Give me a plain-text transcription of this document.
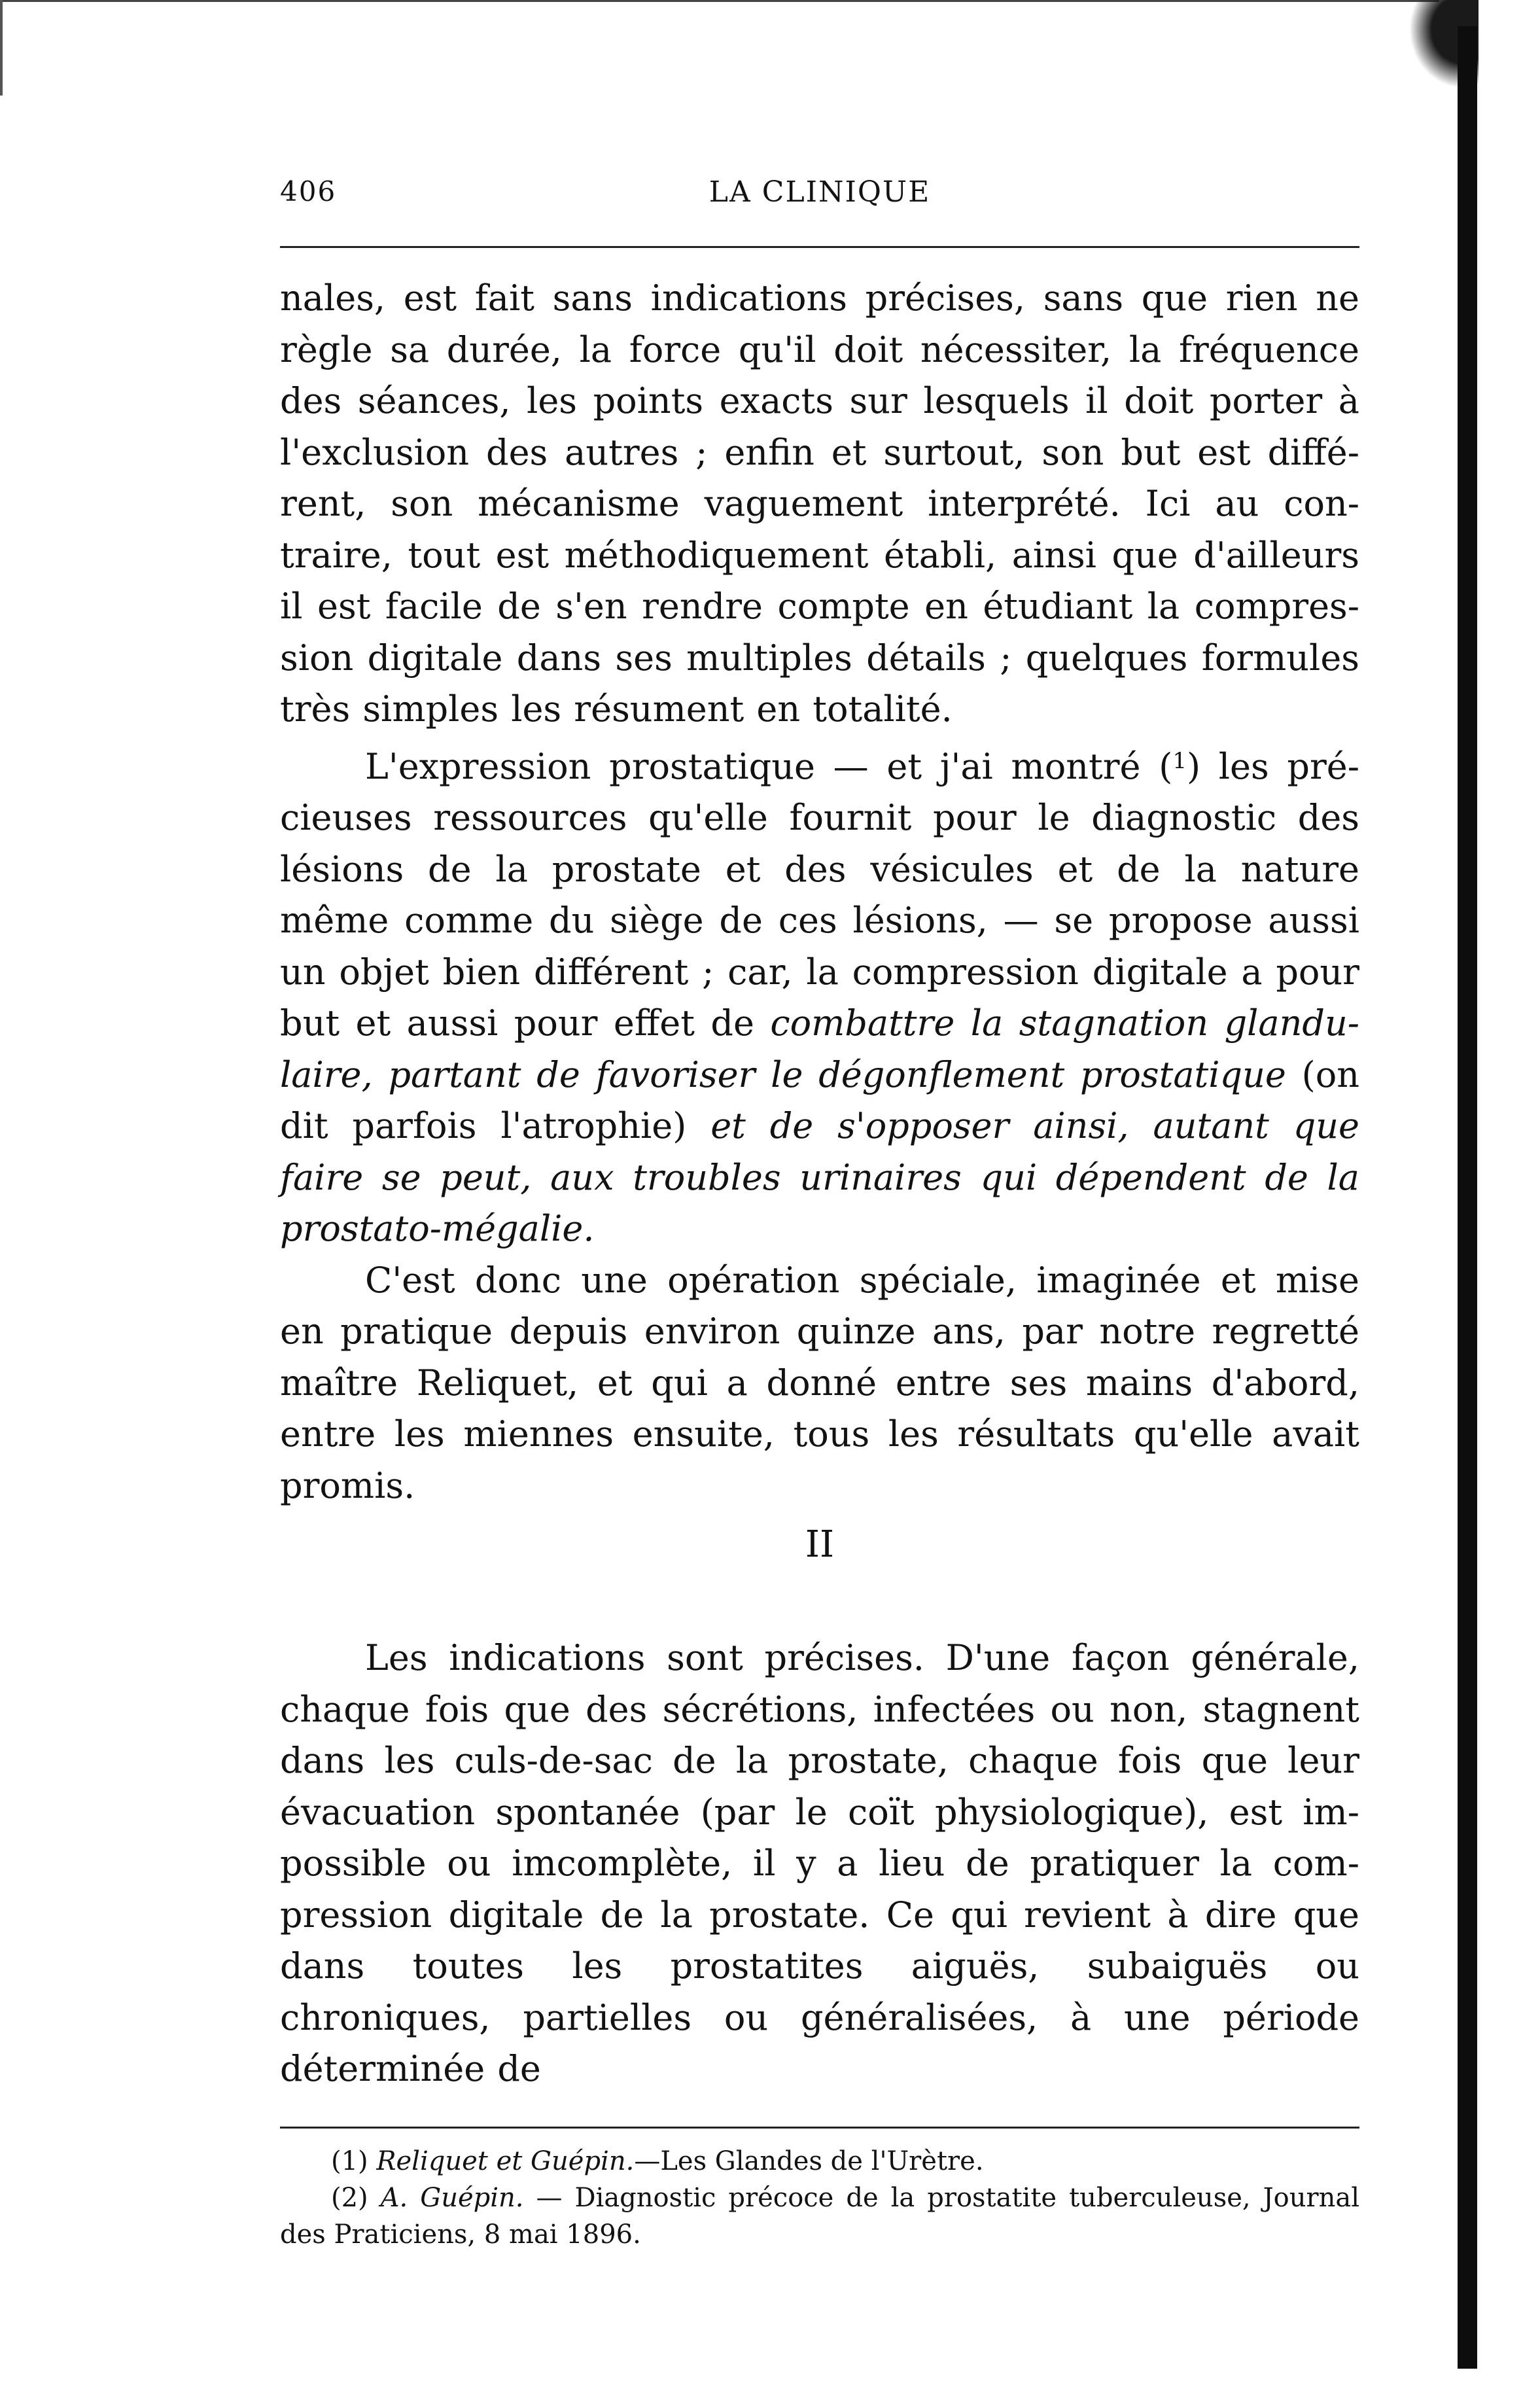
406	LA CLINIQUE

nales, est fait sans indications précises, sans que rien ne règle sa durée, la force qu'il doit nécessiter, la fréquence des séances, les points exacts sur lesquels il doit porter à l'exclusion des autres ; enfin et surtout, son but est diffé- rent, son mécanisme vaguement interprété. Ici au con- traire, tout est méthodiquement établi, ainsi que d'ailleurs il est facile de s'en rendre compte en étudiant la compres- sion digitale dans ses multiples détails ; quelques formules très simples les résument en totalité.

L'expression prostatique — et j'ai montré ($^1$) les pré-cieuses ressources qu'elle fournit pour le diagnostic des lésions de la prostate et des vésicules et de la nature même comme du siège de ces lésions, — se propose aussi un objet bien différent ; car, la compression digitale a pour but et aussi pour effet de combattre la stagnation glandu-laire, partant de favoriser le dégonflement prostatique (on dit parfois l'atrophie) et de s'opposer ainsi, autant que faire se peut, aux troubles urinaires qui dépendent de la prostato-mégalie.

C'est donc une opération spéciale, imaginée et mise en pratique depuis environ quinze ans, par notre regretté maître Reliquet, et qui a donné entre ses mains d'abord, entre les miennes ensuite, tous les résultats qu'elle avait promis.

II

Les indications sont précises. D'une façon générale, chaque fois que des sécrétions, infectées ou non, stagnent dans les culs-de-sac de la prostate, chaque fois que leur évacuation spontanée (par le coït physiologique), est im-possible ou imcomplète, il y a lieu de pratiquer la com-pression digitale de la prostate. Ce qui revient à dire que dans toutes les prostatites aiguës, subaiguës ou chroniques, partielles ou généralisées, à une période déterminée de

(1) Reliquet et Guépin.—Les Glandes de l'Urètre.

(2) A. Guépin. — Diagnostic précoce de la prostatite tuberculeuse, Journal des Praticiens, 8 mai 1896.
